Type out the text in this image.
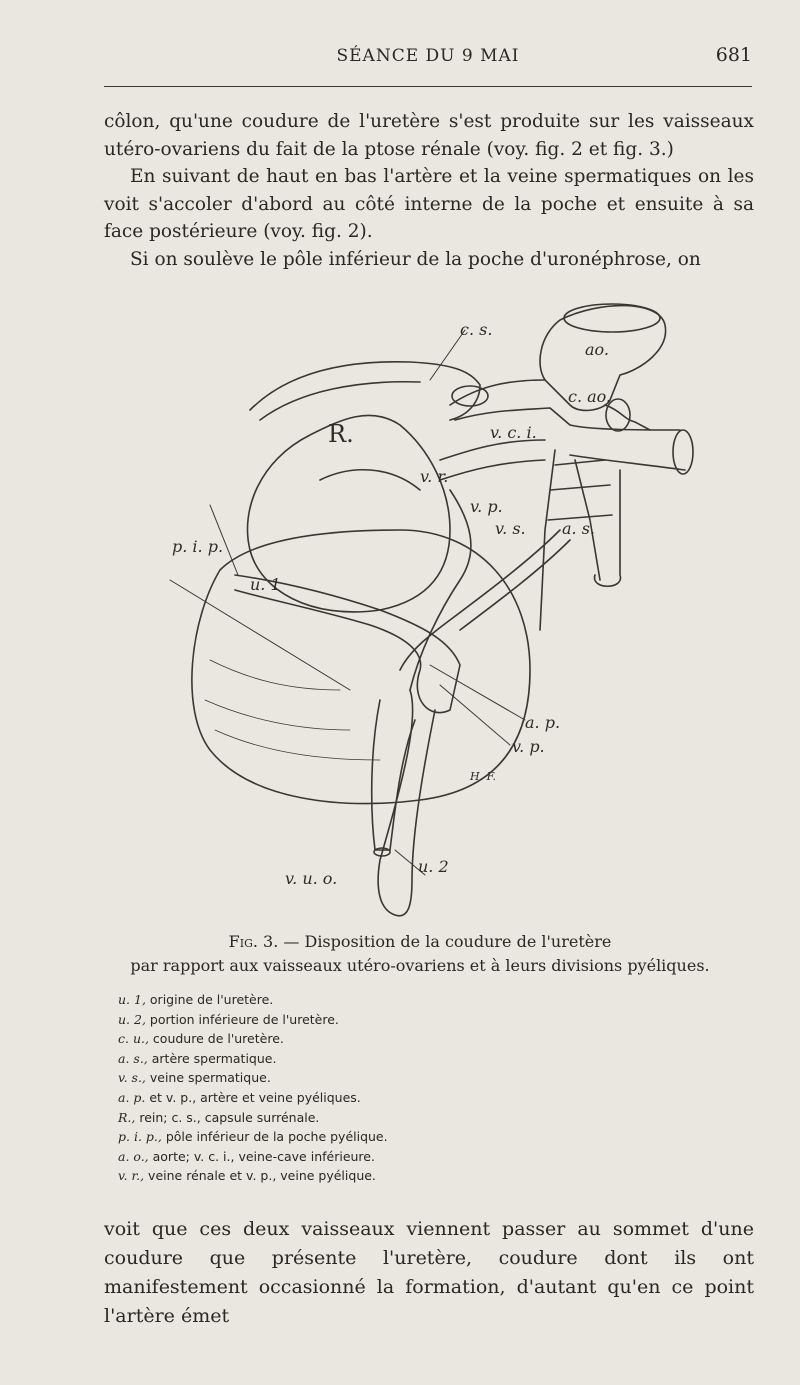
SÉANCE DU 9 MAI	681

côlon, qu'une coudure de l'uretère s'est produite sur les vaisseaux utéro-ovariens du fait de la ptose rénale (voy. fig. 2 et fig. 3.)

En suivant de haut en bas l'artère et la veine spermatiques on les voit s'accoler d'abord au côté interne de la poche et ensuite à sa face postérieure (voy. fig. 2).

Si on soulève le pôle inférieur de la poche d'uronéphrose, on

c. s.
ao.
c. ao.
v. c. i.
R.
v. r.
v. p.
v. s. a. s.
p. i. p.
u. 1
a. p.
v. p.
v. u. o.
u. 2
H. F.
Fig. 3. — Disposition de la coudure de l'uretère
par rapport aux vaisseaux utéro-ovariens et à leurs divisions pyéliques.
u. 1, origine de l'uretère.
u. 2, portion inférieure de l'uretère.
c. u., coudure de l'uretère.
a. s., artère spermatique.
v. s., veine spermatique.
a. p. et v. p., artère et veine pyéliques.
R., rein; c. s., capsule surrénale.
p. i. p., pôle inférieur de la poche pyélique.
a. o., aorte; v. c. i., veine-cave inférieure.
v. r., veine rénale et v. p., veine pyélique.

voit que ces deux vaisseaux viennent passer au sommet d'une coudure que présente l'uretère, coudure dont ils ont manifestement occasionné la formation, d'autant qu'en ce point l'artère émet
